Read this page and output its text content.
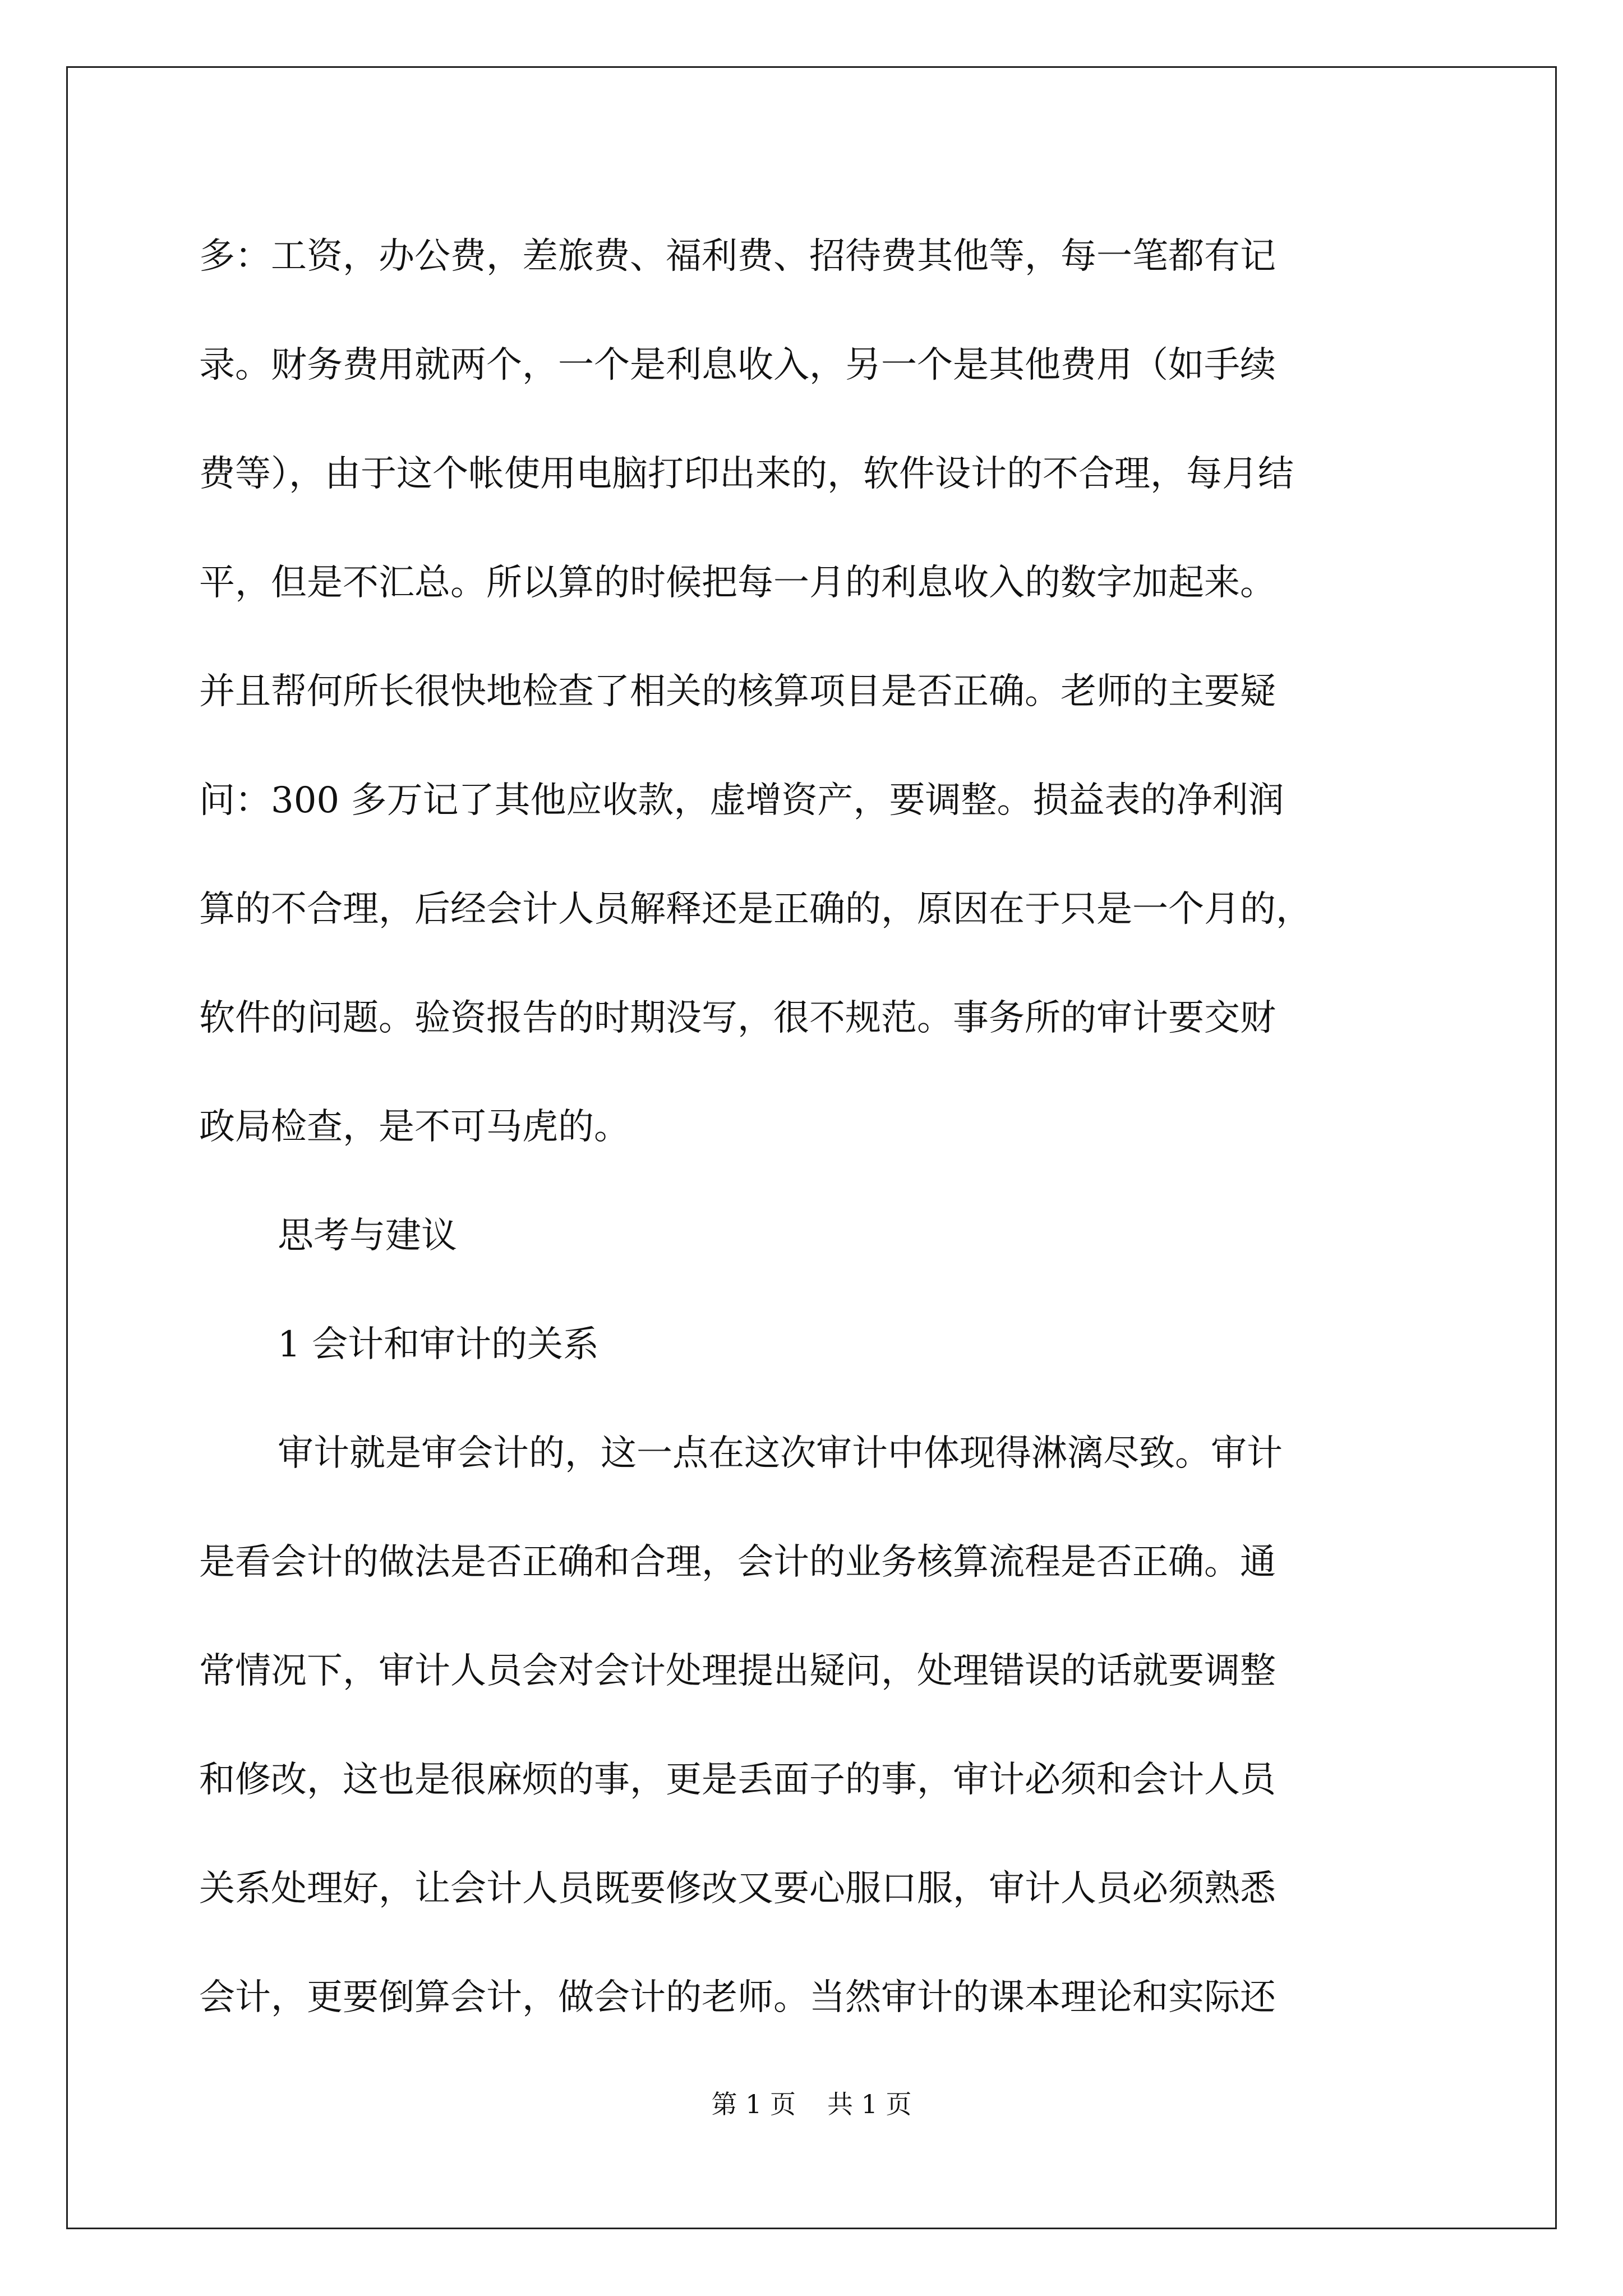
多：工资，办公费，差旅费、福利费、招待费其他等，每一笔都有记
录。财务费用就两个，一个是利息收入，另一个是其他费用（如手续
费等），由于这个帐使用电脑打印出来的，软件设计的不合理，每月结
平，但是不汇总。所以算的时候把每一月的利息收入的数字加起来。
并且帮何所长很快地检查了相关的核算项目是否正确。老师的主要疑
问：300 多万记了其他应收款，虚增资产，要调整。损益表的净利润
算的不合理，后经会计人员解释还是正确的，原因在于只是一个月的，
软件的问题。验资报告的时期没写，很不规范。事务所的审计要交财
政局检查，是不可马虎的。
思考与建议
1 会计和审计的关系
审计就是审会计的，这一点在这次审计中体现得淋漓尽致。审计
是看会计的做法是否正确和合理，会计的业务核算流程是否正确。通
常情况下，审计人员会对会计处理提出疑问，处理错误的话就要调整
和修改，这也是很麻烦的事，更是丢面子的事，审计必须和会计人员
关系处理好，让会计人员既要修改又要心服口服，审计人员必须熟悉
会计，更要倒算会计，做会计的老师。当然审计的课本理论和实际还
第 1 页 共 1 页
